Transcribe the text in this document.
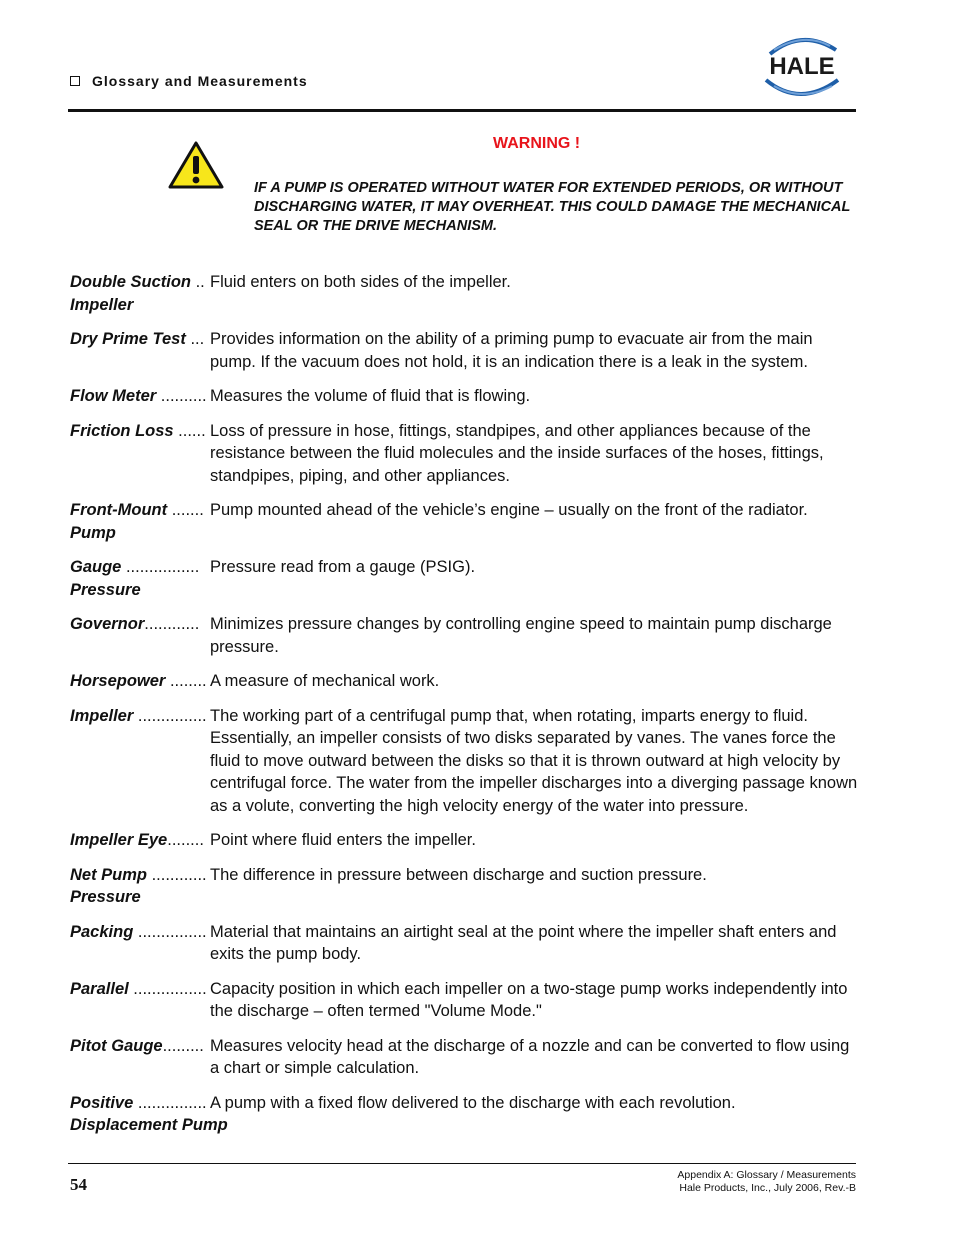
Glossary and Measurements
HALE
WARNING !
IF A PUMP IS OPERATED WITHOUT WATER FOR EXTENDED PERIODS, OR WITHOUT DISCHARGING WATER, IT MAY OVERHEAT. THIS COULD DAMAGE THE MECHANICAL SEAL OR THE DRIVE MECHANISM.
Double Suction ..
Impeller
Fluid enters on both sides of the impeller.
Dry Prime Test ... Provides information on the ability of a priming pump to evacuate air from the main pump. If the vacuum does not hold, it is an indication there is a leak in the system.
Flow Meter .......... Measures the volume of fluid that is flowing.
Friction Loss ...... Loss of pressure in hose, fittings, standpipes, and other appliances because of the resistance between the fluid molecules and the inside surfaces of the hoses, fittings, standpipes, piping, and other appliances.
Front-Mount .......
Pump
Pump mounted ahead of the vehicle’s engine – usually on the front of the radiator.
Gauge ................
Pressure
Pressure read from a gauge (PSIG).
Governor............ Minimizes pressure changes by controlling engine speed to maintain pump discharge pressure.
Horsepower ........ A measure of mechanical work.
Impeller ............... The working part of a centrifugal pump that, when rotating, imparts energy to fluid. Essentially, an impeller consists of two disks separated by vanes. The vanes force the fluid to move outward between the disks so that it is thrown outward at high velocity by centrifugal force. The water from the impeller discharges into a diverging passage known as a volute, converting the high velocity energy of the water into pressure.
Impeller Eye........ Point where fluid enters the impeller.
Net Pump ............
Pressure
The difference in pressure between discharge and suction pressure.
Packing ............... Material that maintains an airtight seal at the point where the impeller shaft enters and exits the pump body.
Parallel ................ Capacity position in which each impeller on a two-stage pump works independently into the discharge – often termed "Volume Mode."
Pitot Gauge......... Measures velocity head at the discharge of a nozzle and can be converted to flow using a chart or simple calculation.
Positive ...............
Displacement Pump
A pump with a fixed flow delivered to the discharge with each revolution.
54	Appendix A: Glossary / Measurements
Hale Products, Inc., July 2006, Rev.-B
